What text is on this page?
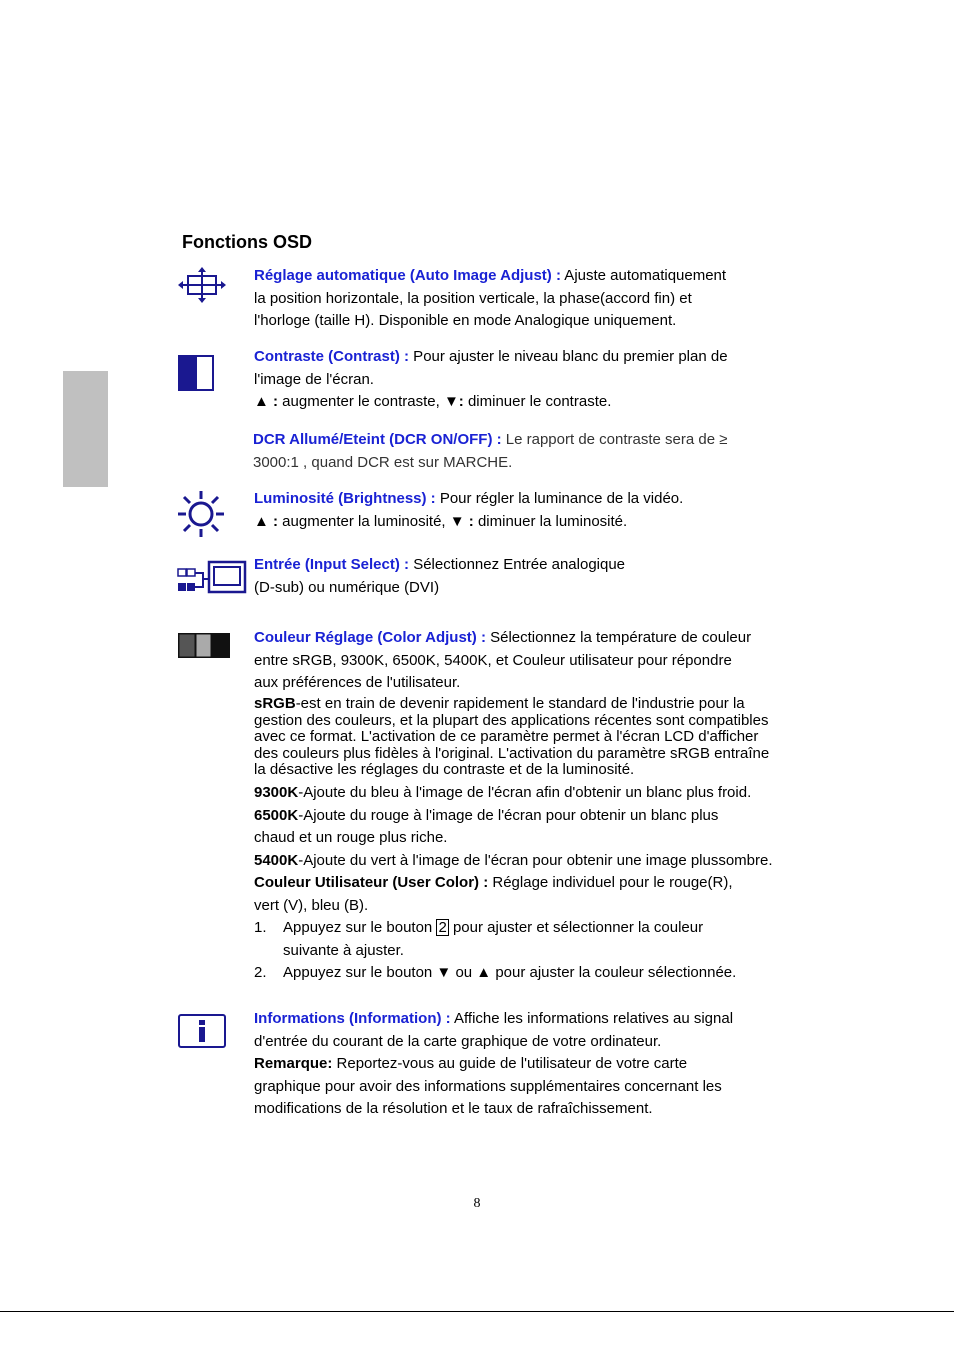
Fonctions OSD

Réglage automatique (Auto Image Adjust) : Ajuste automatiquement

la position horizontale, la position verticale, la phase(accord fin) et

l'horloge (taille H). Disponible en mode Analogique uniquement.

Contraste (Contrast) : Pour ajuster le niveau blanc du premier plan de

l'image de l'écran.

▲ : augmenter le contraste, ▼: diminuer le contraste.

DCR Allumé/Eteint (DCR ON/OFF) : Le rapport de contraste sera de ≥

3000:1 , quand DCR est sur MARCHE.

Luminosité (Brightness) : Pour régler la luminance de la vidéo.

▲ : augmenter la luminosité, ▼ : diminuer la luminosité.

Entrée (Input Select) : Sélectionnez Entrée analogique

(D-sub) ou numérique (DVI)

Couleur Réglage (Color Adjust) : Sélectionnez la température de couleur

entre sRGB, 9300K, 6500K, 5400K, et Couleur utilisateur pour répondre

aux préférences de l'utilisateur.

sRGB-est en train de devenir rapidement le standard de l'industrie pour la

gestion des couleurs, et la plupart des applications récentes sont compatibles

avec ce format. L'activation de ce paramètre permet à l'écran LCD d'afficher

des couleurs plus fidèles à l'original. L'activation du paramètre sRGB entraîne

la désactive les réglages du contraste et de la luminosité.

9300K-Ajoute du bleu à l'image de l'écran afin d'obtenir un blanc plus froid.

6500K-Ajoute du rouge à l'image de l'écran pour obtenir un blanc plus

chaud et un rouge plus riche.

5400K-Ajoute du vert à l'image de l'écran pour obtenir une image plussombre.

Couleur Utilisateur (User Color) : Réglage individuel pour le rouge(R),

vert (V), bleu (B).

1. Appuyez sur le bouton 2 pour ajuster et sélectionner la couleur

suivante à ajuster.

2. Appuyez sur le bouton ▼ ou ▲ pour ajuster la couleur sélectionnée.

Informations (Information) : Affiche les informations relatives au signal

d'entrée du courant de la carte graphique de votre ordinateur.

Remarque: Reportez-vous au guide de l'utilisateur de votre carte

graphique pour avoir des informations supplémentaires concernant les

modifications de la résolution et le taux de rafraîchissement.

8
